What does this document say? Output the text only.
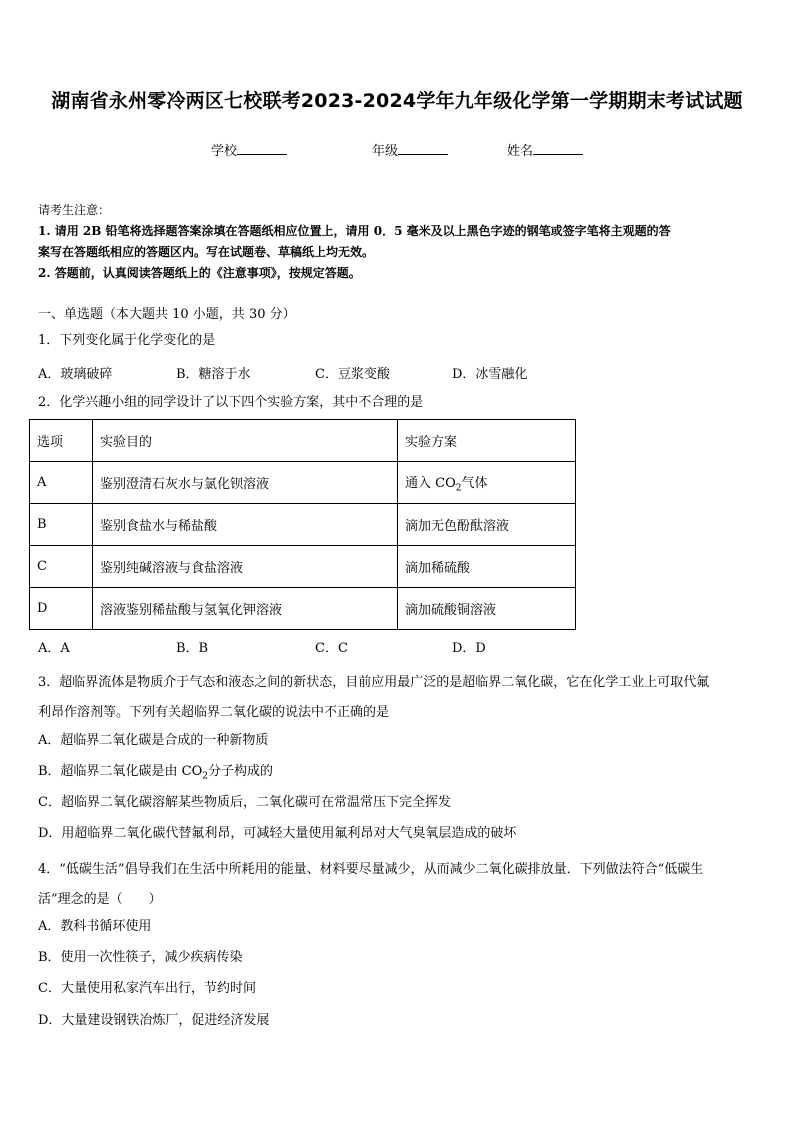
湖南省永州零冷两区七校联考2023-2024学年九年级化学第一学期期末考试试题
学校	年级	姓名
请考生注意：
1. 请用 2B 铅笔将选择题答案涂填在答题纸相应位置上，请用 0．5 毫米及以上黑色字迹的钢笔或签字笔将主观题的答
案写在答题纸相应的答题区内。写在试题卷、草稿纸上均无效。
2. 答题前，认真阅读答题纸上的《注意事项》，按规定答题。
一、单选题（本大题共 10 小题，共 30 分）
1．下列变化属于化学变化的是
A．玻璃破碎	B．糖溶于水	C．豆浆变酸	D．冰雪融化
2．化学兴趣小组的同学设计了以下四个实验方案，其中不合理的是
选项	实验目的	实验方案
A	鉴别澄清石灰水与氯化钡溶液	通入 $CO_2$气体
B	鉴别食盐水与稀盐酸	滴加无色酚酞溶液
C	鉴别纯碱溶液与食盐溶液	滴加稀硫酸
D	溶液鉴别稀盐酸与氢氧化钾溶液	滴加硫酸铜溶液
A．A	B．B	C．C	D．D
3．超临界流体是物质介于气态和液态之间的新状态，目前应用最广泛的是超临界二氧化碳，它在化学工业上可取代氟
利昂作溶剂等。下列有关超临界二氧化碳的说法中不正确的是
A．超临界二氧化碳是合成的一种新物质
B．超临界二氧化碳是由 $CO_2$分子构成的
C．超临界二氧化碳溶解某些物质后，二氧化碳可在常温常压下完全挥发
D．用超临界二氧化碳代替氟利昂，可减轻大量使用氟利昂对大气臭氧层造成的破坏
4．“低碳生活”倡导我们在生活中所耗用的能量、材料要尽量减少，从而减少二氧化碳排放量．下列做法符合“低碳生
活”理念的是（　　）
A．教科书循环使用
B．使用一次性筷子，减少疾病传染
C．大量使用私家汽车出行，节约时间
D．大量建设钢铁冶炼厂，促进经济发展
